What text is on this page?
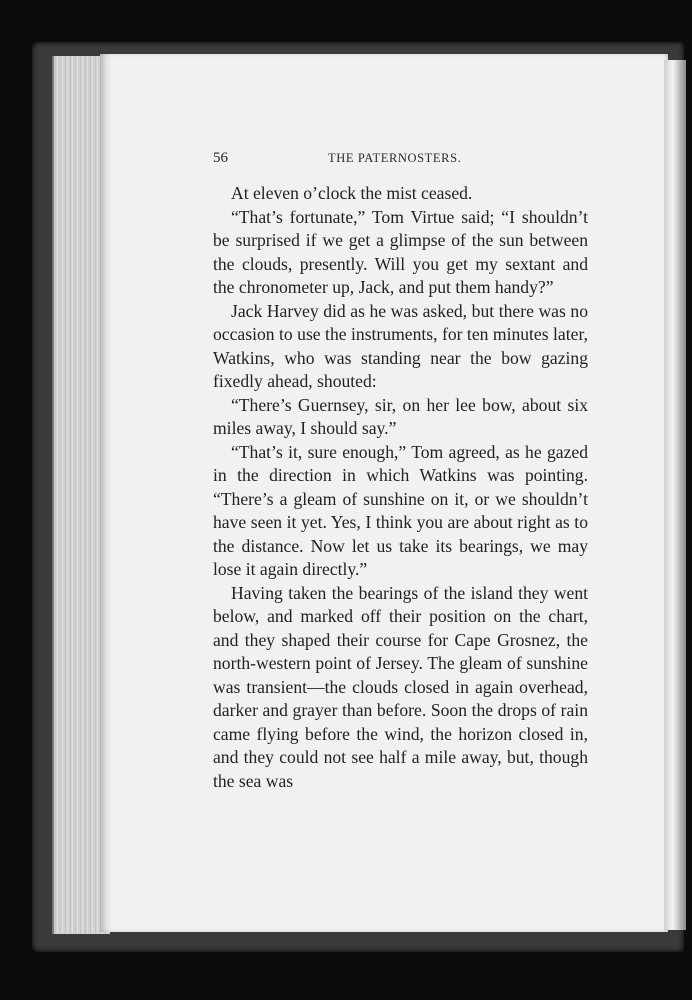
56	THE PATERNOSTERS.

At eleven o’clock the mist ceased.

“That’s fortunate,” Tom Virtue said; “I shouldn’t be surprised if we get a glimpse of the sun between the clouds, presently. Will you get my sextant and the chronometer up, Jack, and put them handy?”

Jack Harvey did as he was asked, but there was no occasion to use the instruments, for ten minutes later, Watkins, who was standing near the bow gazing fixedly ahead, shouted:

“There’s Guernsey, sir, on her lee bow, about six miles away, I should say.”

“That’s it, sure enough,” Tom agreed, as he gazed in the direction in which Watkins was pointing. “There’s a gleam of sunshine on it, or we shouldn’t have seen it yet. Yes, I think you are about right as to the distance. Now let us take its bearings, we may lose it again directly.”

Having taken the bearings of the island they went below, and marked off their position on the chart, and they shaped their course for Cape Grosnez, the north-western point of Jersey. The gleam of sunshine was transient—the clouds closed in again overhead, darker and grayer than before. Soon the drops of rain came flying before the wind, the horizon closed in, and they could not see half a mile away, but, though the sea was
